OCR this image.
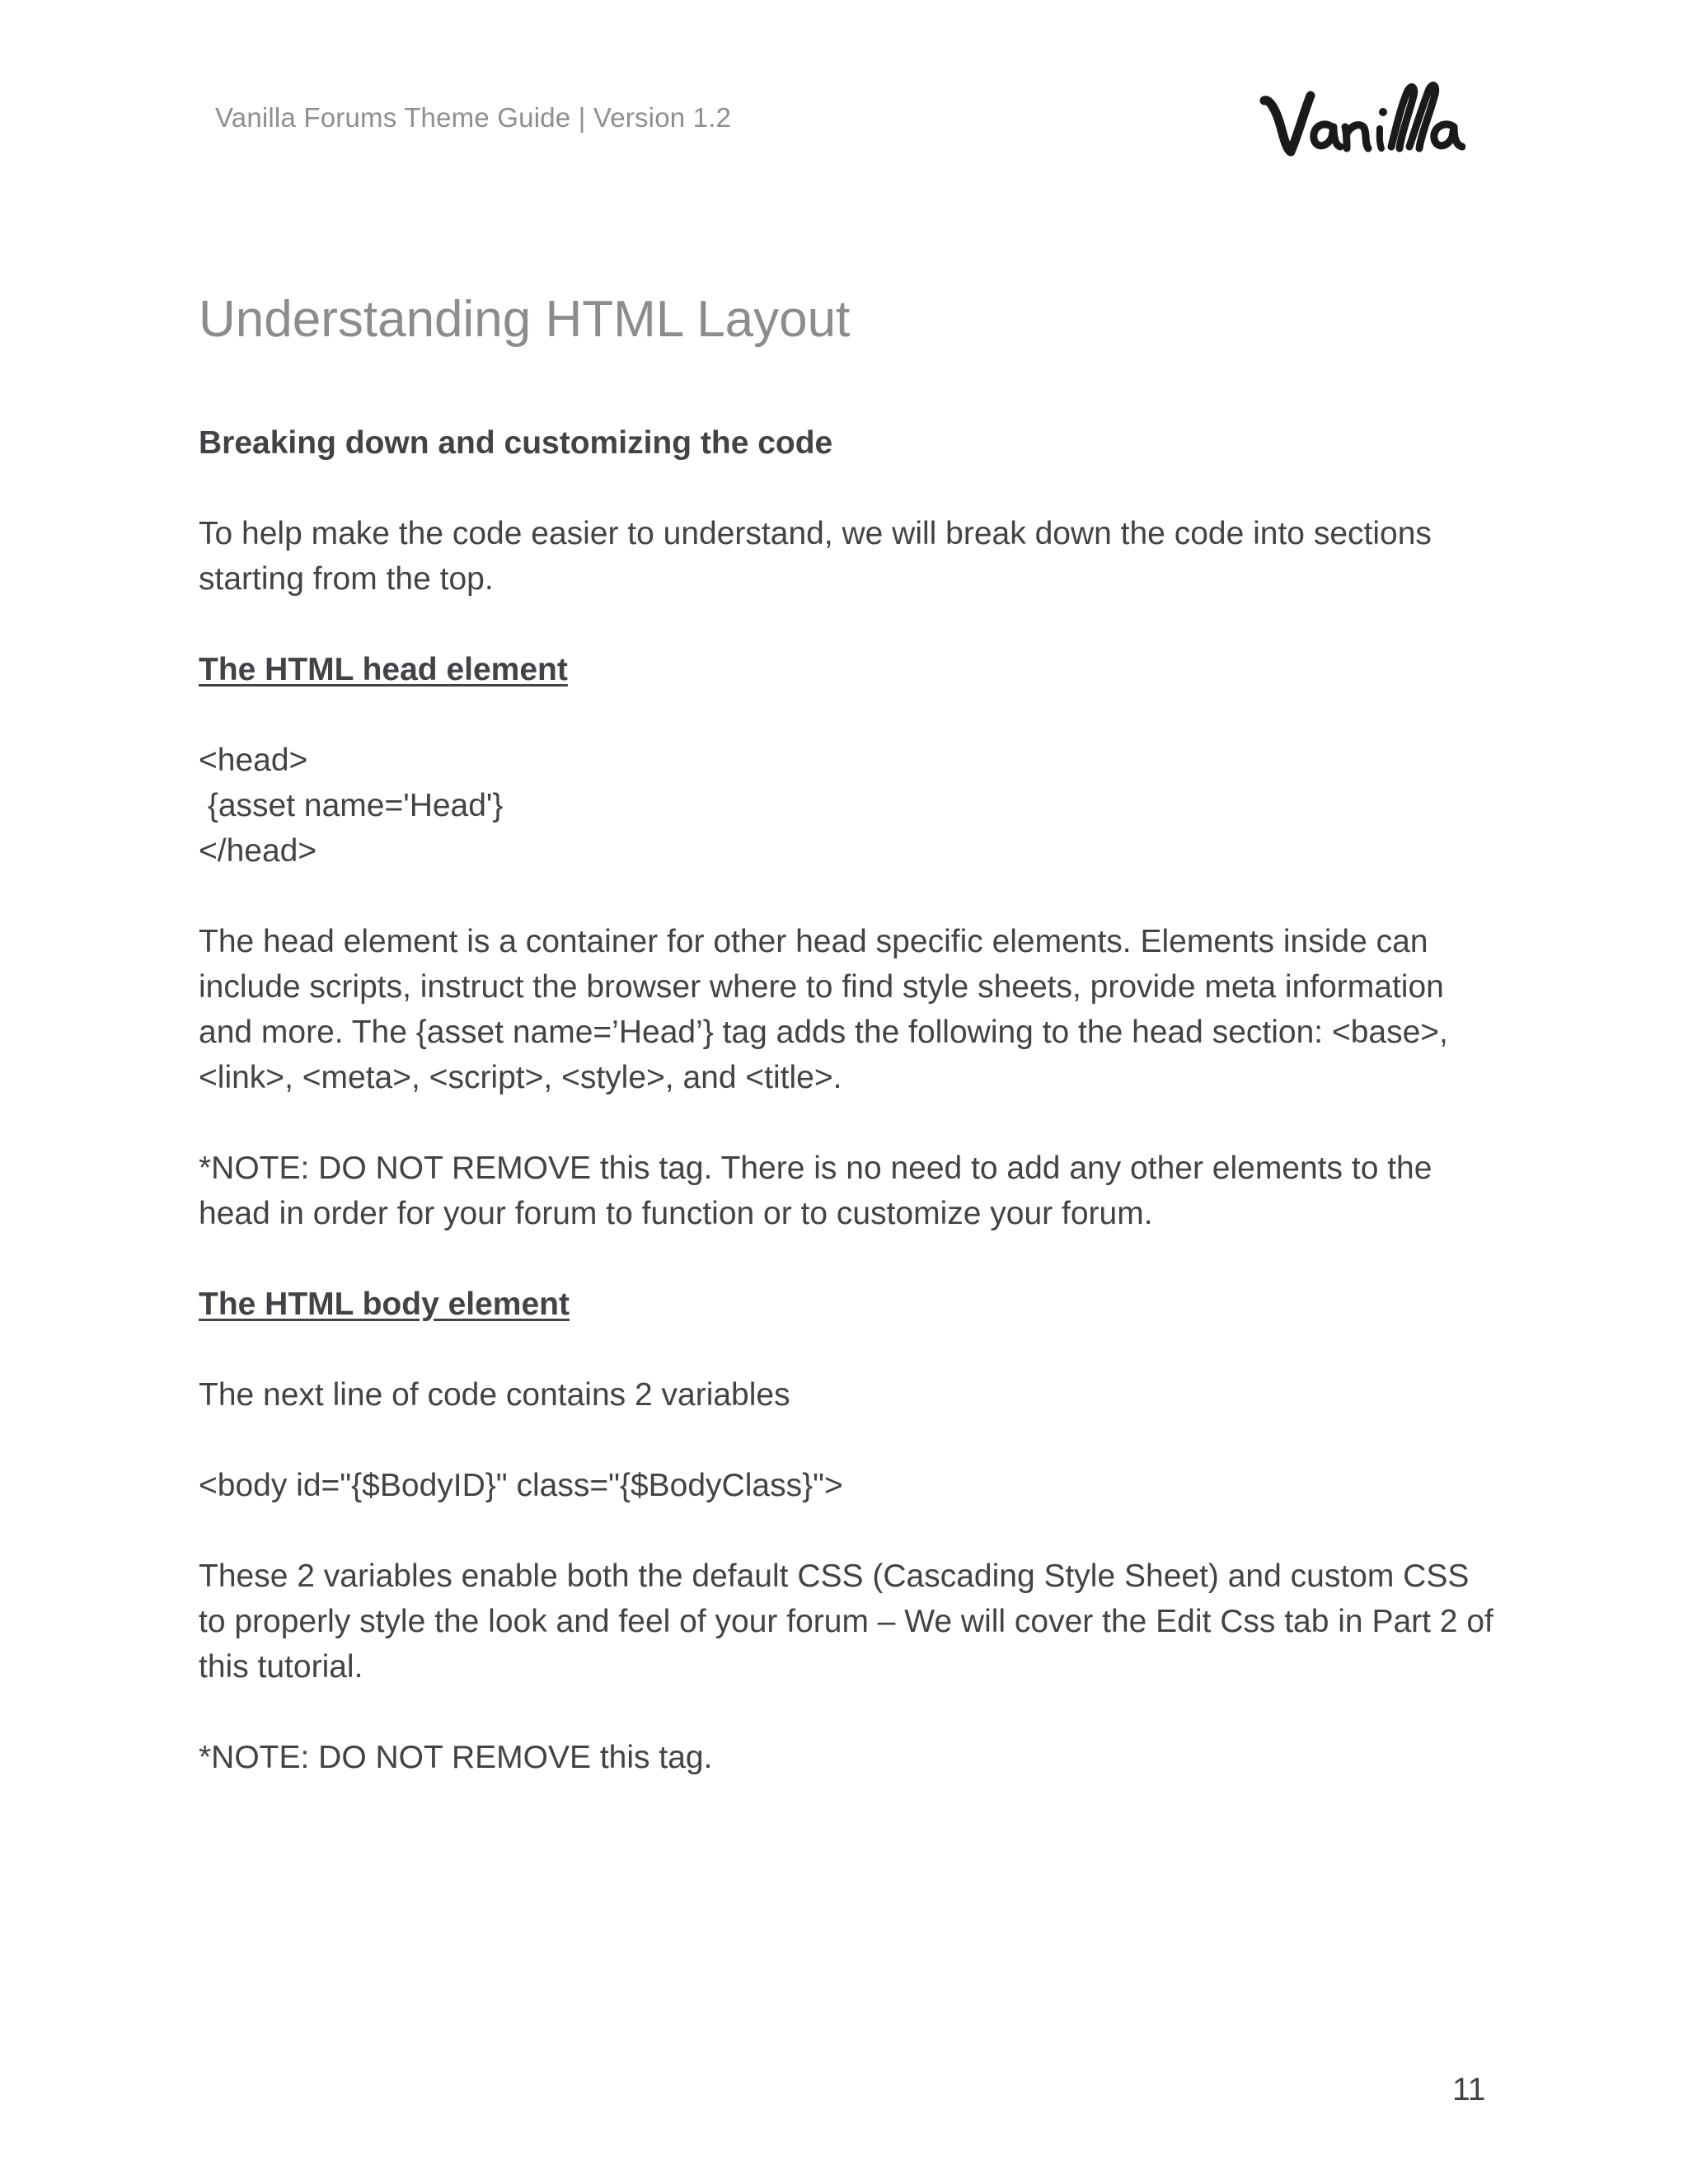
Vanilla Forums Theme Guide | Version 1.2
Understanding HTML Layout

Breaking down and customizing the code

To help make the code easier to understand, we will break down the code into sections starting from the top.

The HTML head element

<head>
{asset name='Head'}
</head>

The head element is a container for other head specific elements. Elements inside can include scripts, instruct the browser where to find style sheets, provide meta information and more. The {asset name=’Head’} tag adds the following to the head section: <base>, <link>, <meta>, <script>, <style>, and <title>.

*NOTE: DO NOT REMOVE this tag. There is no need to add any other elements to the head in order for your forum to function or to customize your forum.

The HTML body element

The next line of code contains 2 variables

<body id="{$BodyID}" class="{$BodyClass}">

These 2 variables enable both the default CSS (Cascading Style Sheet) and custom CSS to properly style the look and feel of your forum – We will cover the Edit Css tab in Part 2 of this tutorial.

*NOTE: DO NOT REMOVE this tag.

11
